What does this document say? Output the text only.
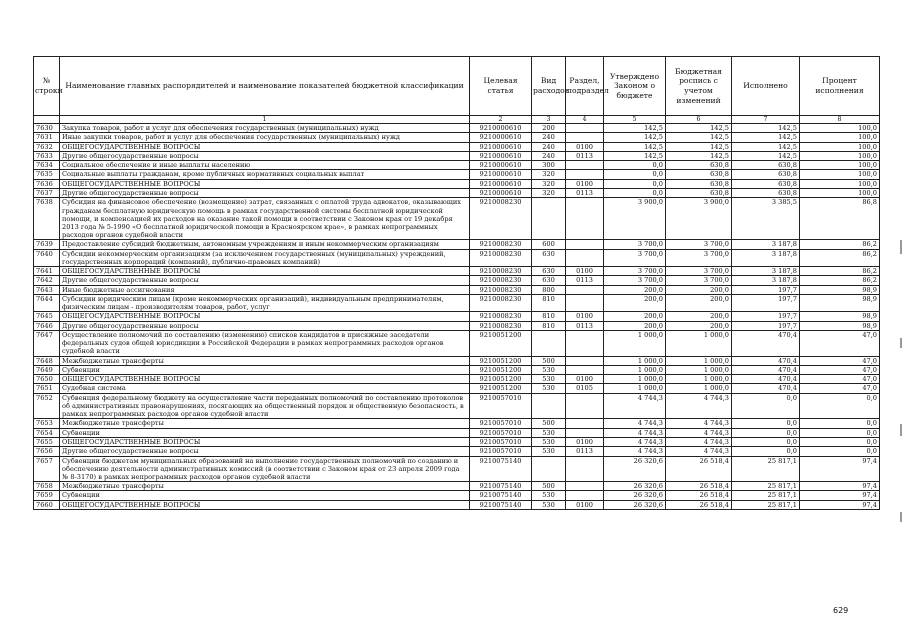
№ строки	Наименование главных распорядителей и наименование показателей бюджетной классификации	Целевая статья	Вид расходов	Раздел, подраздел	Утверждено Законом о бюджете	Бюджетная роспись с учетом изменений	Исполнено	Процент исполнения
	1	2	3	4	5	6	7	8
7630	Закупка товаров, работ и услуг для обеспечения государственных (муниципальных) нужд	9210000610	200		142,5	142,5	142,5	100,0
7631	Иные закупки товаров, работ и услуг для обеспечения государственных (муниципальных) нужд	9210000610	240		142,5	142,5	142,5	100,0
7632	ОБЩЕГОСУДАРСТВЕННЫЕ ВОПРОСЫ	9210000610	240	0100	142,5	142,5	142,5	100,0
7633	Другие общегосударственные вопросы	9210000610	240	0113	142,5	142,5	142,5	100,0
7634	Социальное обеспечение и иные выплаты населению	9210000610	300		0,0	630,8	630,8	100,0
7635	Социальные выплаты гражданам, кроме публичных нормативных социальных выплат	9210000610	320		0,0	630,8	630,8	100,0
7636	ОБЩЕГОСУДАРСТВЕННЫЕ ВОПРОСЫ	9210000610	320	0100	0,0	630,8	630,8	100,0
7637	Другие общегосударственные вопросы	9210000610	320	0113	0,0	630,8	630,8	100,0
7638	Субсидия на финансовое обеспечение (возмещение) затрат, связанных с оплатой труда адвокатов, оказывающих гражданам бесплатную юридическую помощь в рамках государственной системы бесплатной юридической помощи, и компенсацией их расходов на оказание такой помощи в соответствии с Законом края от 19 декабря 2013 года № 5-1990 «О бесплатной юридической помощи в Красноярском крае», в рамках непрограммных расходов органов судебной власти	9210008230			3 900,0	3 900,0	3 385,5	86,8
7639	Предоставление субсидий бюджетным, автономным учреждениям и иным некоммерческим организациям	9210008230	600		3 700,0	3 700,0	3 187,8	86,2
7640	Субсидии некоммерческим организациям (за исключением государственных (муниципальных) учреждений, государственных корпораций (компаний), публично-правовых компаний)	9210008230	630		3 700,0	3 700,0	3 187,8	86,2
7641	ОБЩЕГОСУДАРСТВЕННЫЕ ВОПРОСЫ	9210008230	630	0100	3 700,0	3 700,0	3 187,8	86,2
7642	Другие общегосударственные вопросы	9210008230	630	0113	3 700,0	3 700,0	3 187,8	86,2
7643	Иные бюджетные ассигнования	9210008230	800		200,0	200,0	197,7	98,9
7644	Субсидии юридическим лицам (кроме некоммерческих организаций), индивидуальным предпринимателям, физическим лицам - производителям товаров, работ, услуг	9210008230	810		200,0	200,0	197,7	98,9
7645	ОБЩЕГОСУДАРСТВЕННЫЕ ВОПРОСЫ	9210008230	810	0100	200,0	200,0	197,7	98,9
7646	Другие общегосударственные вопросы	9210008230	810	0113	200,0	200,0	197,7	98,9
7647	Осуществление полномочий по составлению (изменению) списков кандидатов в присяжные заседатели федеральных судов общей юрисдикции в Российской Федерации в рамках непрограммных расходов органов судебной власти	9210051200			1 000,0	1 000,0	470,4	47,0
7648	Межбюджетные трансферты	9210051200	500		1 000,0	1 000,0	470,4	47,0
7649	Субвенции	9210051200	530		1 000,0	1 000,0	470,4	47,0
7650	ОБЩЕГОСУДАРСТВЕННЫЕ ВОПРОСЫ	9210051200	530	0100	1 000,0	1 000,0	470,4	47,0
7651	Судебная система	9210051200	530	0105	1 000,0	1 000,0	470,4	47,0
7652	Субвенция федеральному бюджету на осуществление части переданных полномочий по составлению протоколов об административных правонарушениях, посягающих на общественный порядок и общественную безопасность, в рамках непрограммных расходов органов судебной власти	9210057010			4 744,3	4 744,3	0,0	0,0
7653	Межбюджетные трансферты	9210057010	500		4 744,3	4 744,3	0,0	0,0
7654	Субвенции	9210057010	530		4 744,3	4 744,3	0,0	0,0
7655	ОБЩЕГОСУДАРСТВЕННЫЕ ВОПРОСЫ	9210057010	530	0100	4 744,3	4 744,3	0,0	0,0
7656	Другие общегосударственные вопросы	9210057010	530	0113	4 744,3	4 744,3	0,0	0,0
7657	Субвенции бюджетам муниципальных образований на выполнение государственных полномочий по созданию и обеспечению деятельности административных комиссий (в соответствии с Законом края от 23 апреля 2009 года № 8-3170) в рамках непрограммных расходов органов судебной власти	9210075140			26 320,6	26 518,4	25 817,1	97,4
7658	Межбюджетные трансферты	9210075140	500		26 320,6	26 518,4	25 817,1	97,4
7659	Субвенции	9210075140	530		26 320,6	26 518,4	25 817,1	97,4
7660	ОБЩЕГОСУДАРСТВЕННЫЕ ВОПРОСЫ	9210075140	530	0100	26 320,6	26 518,4	25 817,1	97,4
629
